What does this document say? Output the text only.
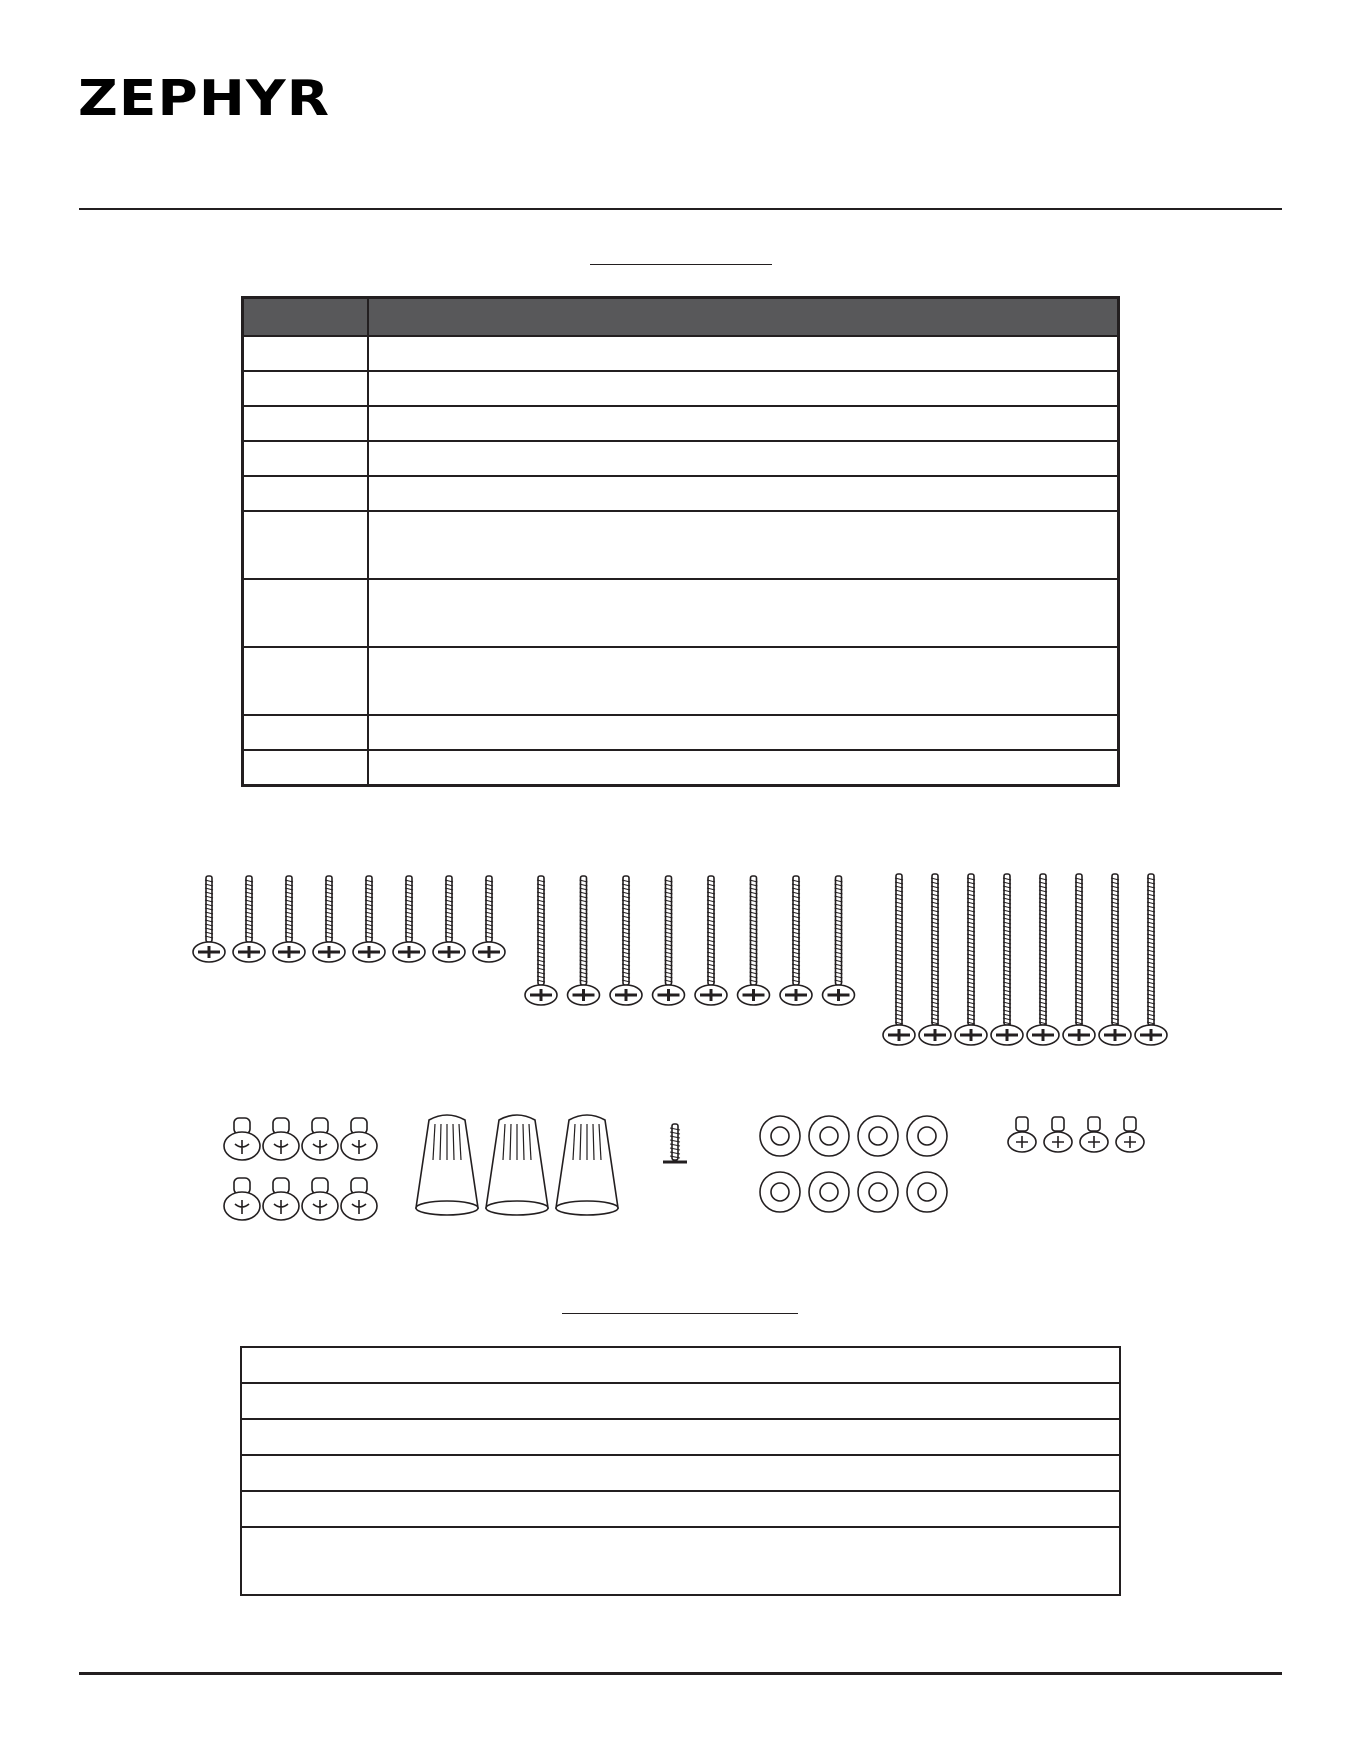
ZEPHYR
